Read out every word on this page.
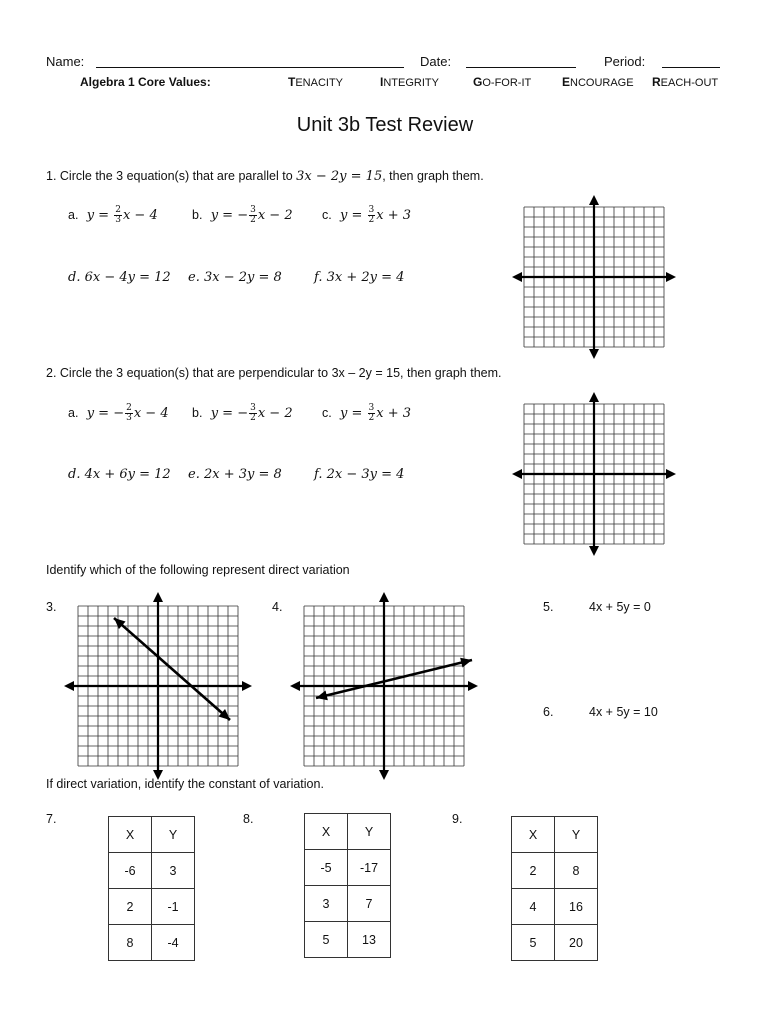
Name:	Date:	Period:
Algebra 1 Core Values:	TENACITY	INTEGRITY	GO-FOR-IT	ENCOURAGE REACH-OUT
Unit 3b Test Review
1. Circle the 3 equation(s) that are parallel to 3x − 2y = 15, then graph them.
a. $y = \frac{2}{3}$ x − 4	b. y = − $\frac{3}{2}$ x − 2 c. $y = \frac{3}{2}$ x + 3
d. 6x − 4y = 12 e. 3x − 2y = 8 f. 3x + 2y = 4
2. Circle the 3 equation(s) that are perpendicular to 3x – 2y = 15, then graph them.
a. y = − $\frac{2}{3}$ x − 4 b. y = − $\frac{3}{2}$ x − 2 c. $y = \frac{3}{2}$ x + 3
d. 4x + 6y = 12 e. 2x + 3y = 8 f. 2x − 3y = 4
Identify which of the following represent direct variation
3.	4.	5.	4x + 5y = 0
6.	4x + 5y = 10
If direct variation, identify the constant of variation.
7.
X	Y
-6	3
2	-1
8	-4
8.
X	Y
-5	-17
3	7
5	13
9.
X	Y
2	8
4	16
5	20
